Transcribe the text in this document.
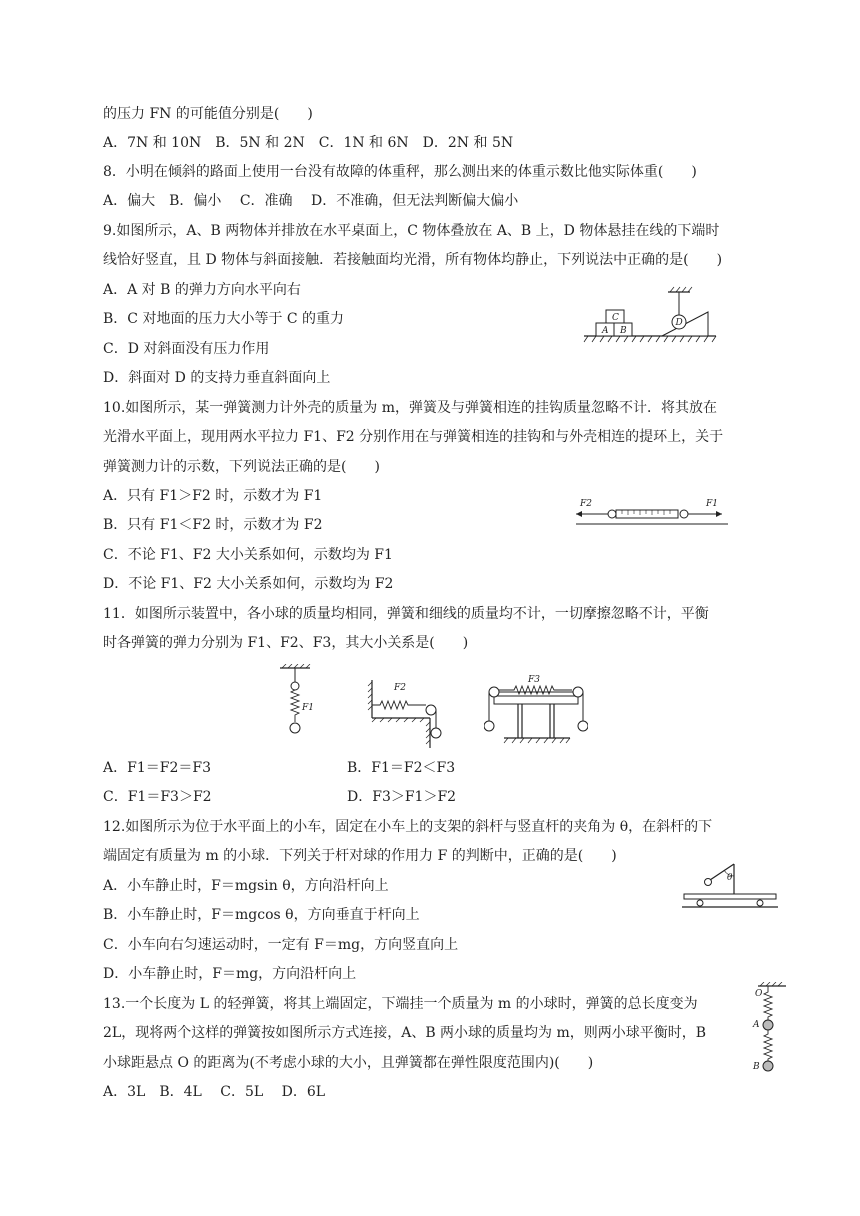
的压力 FN 的可能值分别是(　　)
A．7N 和 10N　B．5N 和 2N　C．1N 和 6N　D．2N 和 5N
8．小明在倾斜的路面上使用一台没有故障的体重秤，那么测出来的体重示数比他实际体重(　　)
A．偏大　B．偏小　 C．准确　 D．不准确，但无法判断偏大偏小
9.如图所示，A、B 两物体并排放在水平桌面上，C 物体叠放在 A、B 上，D 物体悬挂在线的下端时
线恰好竖直，且 D 物体与斜面接触．若接触面均光滑，所有物体均静止，下列说法中正确的是(　　)
A．A 对 B 的弹力方向水平向右
B．C 对地面的压力大小等于 C 的重力
C．D 对斜面没有压力作用
D．斜面对 D 的支持力垂直斜面向上
10.如图所示，某一弹簧测力计外壳的质量为 m，弹簧及与弹簧相连的挂钩质量忽略不计．将其放在
光滑水平面上，现用两水平拉力 F1、F2 分别作用在与弹簧相连的挂钩和与外壳相连的提环上，关于
弹簧测力计的示数，下列说法正确的是(　　)
A．只有 F1＞F2 时，示数才为 F1
B．只有 F1＜F2 时，示数才为 F2
C．不论 F1、F2 大小关系如何，示数均为 F1
D．不论 F1、F2 大小关系如何，示数均为 F2
11．如图所示装置中，各小球的质量均相同，弹簧和细线的质量均不计，一切摩擦忽略不计，平衡
时各弹簧的弹力分别为 F1、F2、F3，其大小关系是(　　)
A．F1＝F2＝F3	B．F1＝F2＜F3
C．F1＝F3＞F2	D．F3＞F1＞F2
12.如图所示为位于水平面上的小车，固定在小车上的支架的斜杆与竖直杆的夹角为 θ，在斜杆的下
端固定有质量为 m 的小球．下列关于杆对球的作用力 F 的判断中，正确的是(　　)
A．小车静止时，F＝mgsin θ，方向沿杆向上
B．小车静止时，F＝mgcos θ，方向垂直于杆向上
C．小车向右匀速运动时，一定有 F＝mg，方向竖直向上
D．小车静止时，F＝mg，方向沿杆向上
13.一个长度为 L 的轻弹簧，将其上端固定，下端挂一个质量为 m 的小球时，弹簧的总长度变为
2L，现将两个这样的弹簧按如图所示方式连接，A、B 两小球的质量均为 m，则两小球平衡时，B
小球距悬点 O 的距离为(不考虑小球的大小，且弹簧都在弹性限度范围内)(　　)
A．3L　B．4L　 C．5L　 D．6L
A B
C	D
F2	F1
F1
F2
F3
θ
O
A
B
